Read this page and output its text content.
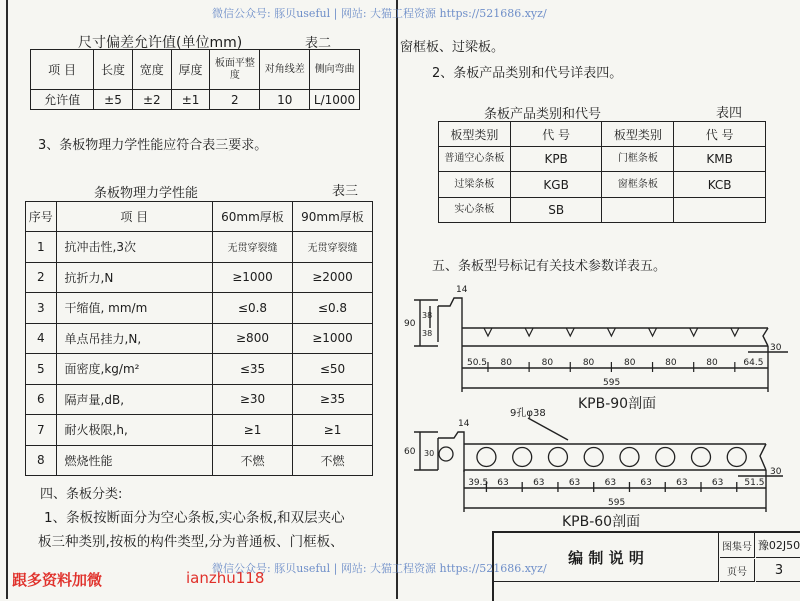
微信公众号: 豚贝useful | 网站: 大猫工程资源 https://521686.xyz/
尺寸偏差允许值(单位mm)	表二
项 目	长度	宽度	厚度	板面平整度	对角线差	侧向弯曲
允许值	±5	±2	±1	2	10	L/1000
3、条板物理力学性能应符合表三要求。
条板物理力学性能	表三
序号	项 目	60mm厚板	90mm厚板
1	抗冲击性,3次	无贯穿裂缝	无贯穿裂缝
2	抗折力,N	≥1000	≥2000
3	干缩值, mm/m	≤0.8	≤0.8
4	单点吊挂力,N,	≥800	≥1000
5	面密度,kg/m²	≤35	≤50
6	隔声量,dB,	≥30	≥35
7	耐火极限,h,	≥1	≥1
8	燃烧性能	不燃	不燃
四、条板分类:
1、条板按断面分为空心条板,实心条板,和双层夹心
板三种类别,按板的构件类型,分为普通板、门框板、
跟多资料加微	ianzhu118
窗框板、过梁板。
2、条板产品类别和代号详表四。
条板产品类别和代号	表四
板型类别	代 号	板型类别	代 号
普通空心条板	KPB	门框条板	KMB
过梁条板	KGB	窗框条板	KCB
实心条板	SB		
五、条板型号标记有关技术参数详表五。
50.5 80	80	80	80	80	80	64.5
90
14
38
38
30
595
KPB-90剖面
39.5 63	63	63	63	63	63	63 51.5
60
14
30
30
9孔φ38
595
KPB-60剖面
编 制 说 明
图集号 豫02J50
页号	3
微信公众号: 豚贝useful | 网站: 大猫工程资源 https://521686.xyz/
